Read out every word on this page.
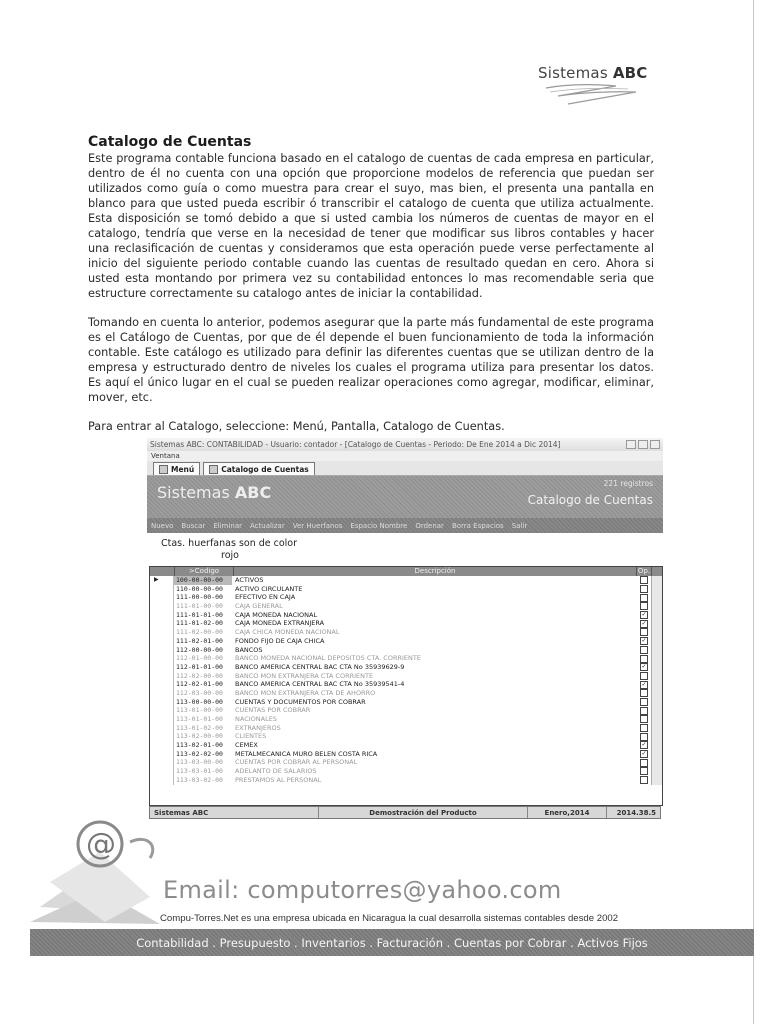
Sistemas ABC
Catalogo de Cuentas

Este programa contable funciona basado en el catalogo de cuentas de cada empresa en particular, dentro de él no cuenta con una opción que proporcione modelos de referencia que puedan ser utilizados como guía o como muestra para crear el suyo, mas bien, el presenta una pantalla en blanco para que usted pueda escribir ó transcribir el catalogo de cuenta que utiliza actualmente. Esta disposición se tomó debido a que si usted cambia los números de cuentas de mayor en el catalogo, tendría que verse en la necesidad de tener que modificar sus libros contables y hacer una reclasificación de cuentas y consideramos que esta operación puede verse perfectamente al inicio del siguiente periodo contable cuando las cuentas de resultado quedan en cero. Ahora si usted esta montando por primera vez su contabilidad entonces lo mas recomendable seria que estructure correctamente su catalogo antes de iniciar la contabilidad.

Tomando en cuenta lo anterior, podemos asegurar que la parte más fundamental de este programa es el Catálogo de Cuentas, por que de él depende el buen funcionamiento de toda la información contable. Este catálogo es utilizado para definir las diferentes cuentas que se utilizan dentro de la empresa y estructurado dentro de niveles los cuales el programa utiliza para presentar los datos. Es aquí el único lugar en el cual se pueden realizar operaciones como agregar, modificar, eliminar, mover, etc.

Para entrar al Catalogo, seleccione: Menú, Pantalla, Catalogo de Cuentas.

Sistemas ABC: CONTABILIDAD - Usuario: contador - [Catalogo de Cuentas - Periodo: De Ene 2014 a Dic 2014]
Ventana
Menú	Catalogo de Cuentas
Sistemas ABC	221 registros
Catalogo de Cuentas
Nuevo Buscar Eliminar Actualizar Ver Huerfanos Espacio Nombre Ordenar Borra Espacios Salir
Ctas. huerfanas son de color
rojo
>Codigo	Descripción	Op.
▶	100-00-00-00	ACTIVOS
110-00-00-00	ACTIVO CIRCULANTE
111-00-00-00	EFECTIVO EN CAJA
111-01-00-00	CAJA GENERAL
111-01-01-00	CAJA MONEDA NACIONAL	✓
111-01-02-00	CAJA MONEDA EXTRANJERA	✓
111-02-00-00	CAJA CHICA MONEDA NACIONAL
111-02-01-00	FONDO FIJO DE CAJA CHICA	✓
112-00-00-00	BANCOS
112-01-00-00	BANCO MONEDA NACIONAL DEPOSITOS CTA. CORRIENTE
112-01-01-00	BANCO AMERICA CENTRAL BAC CTA No 35939629-9	✓
112-02-00-00	BANCO MON EXTRANJERA CTA CORRIENTE
112-02-01-00	BANCO AMERICA CENTRAL BAC CTA No 35939541-4	✓
112-03-00-00	BANCO MON EXTRANJERA CTA DE AHORRO
113-00-00-00	CUENTAS Y DOCUMENTOS POR COBRAR
113-01-00-00	CUENTAS POR COBRAR
113-01-01-00	NACIONALES
113-01-02-00	EXTRANJEROS
113-02-00-00	CLIENTES
113-02-01-00	CEMEX	✓
113-02-02-00	METALMECANICA MURO BELEN COSTA RICA	✓
113-03-00-00	CUENTAS POR COBRAR AL PERSONAL
113-03-01-00	ADELANTO DE SALARIOS
113-03-02-00	PRESTAMOS AL PERSONAL
Sistemas ABC	Demostración del Producto	Enero,2014	2014.38.5
@
Email: computorres@yahoo.com
Compu-Torres.Net es una empresa ubicada en Nicaragua la cual desarrolla sistemas contables desde 2002
Contabilidad . Presupuesto . Inventarios . Facturación . Cuentas por Cobrar . Activos Fijos
